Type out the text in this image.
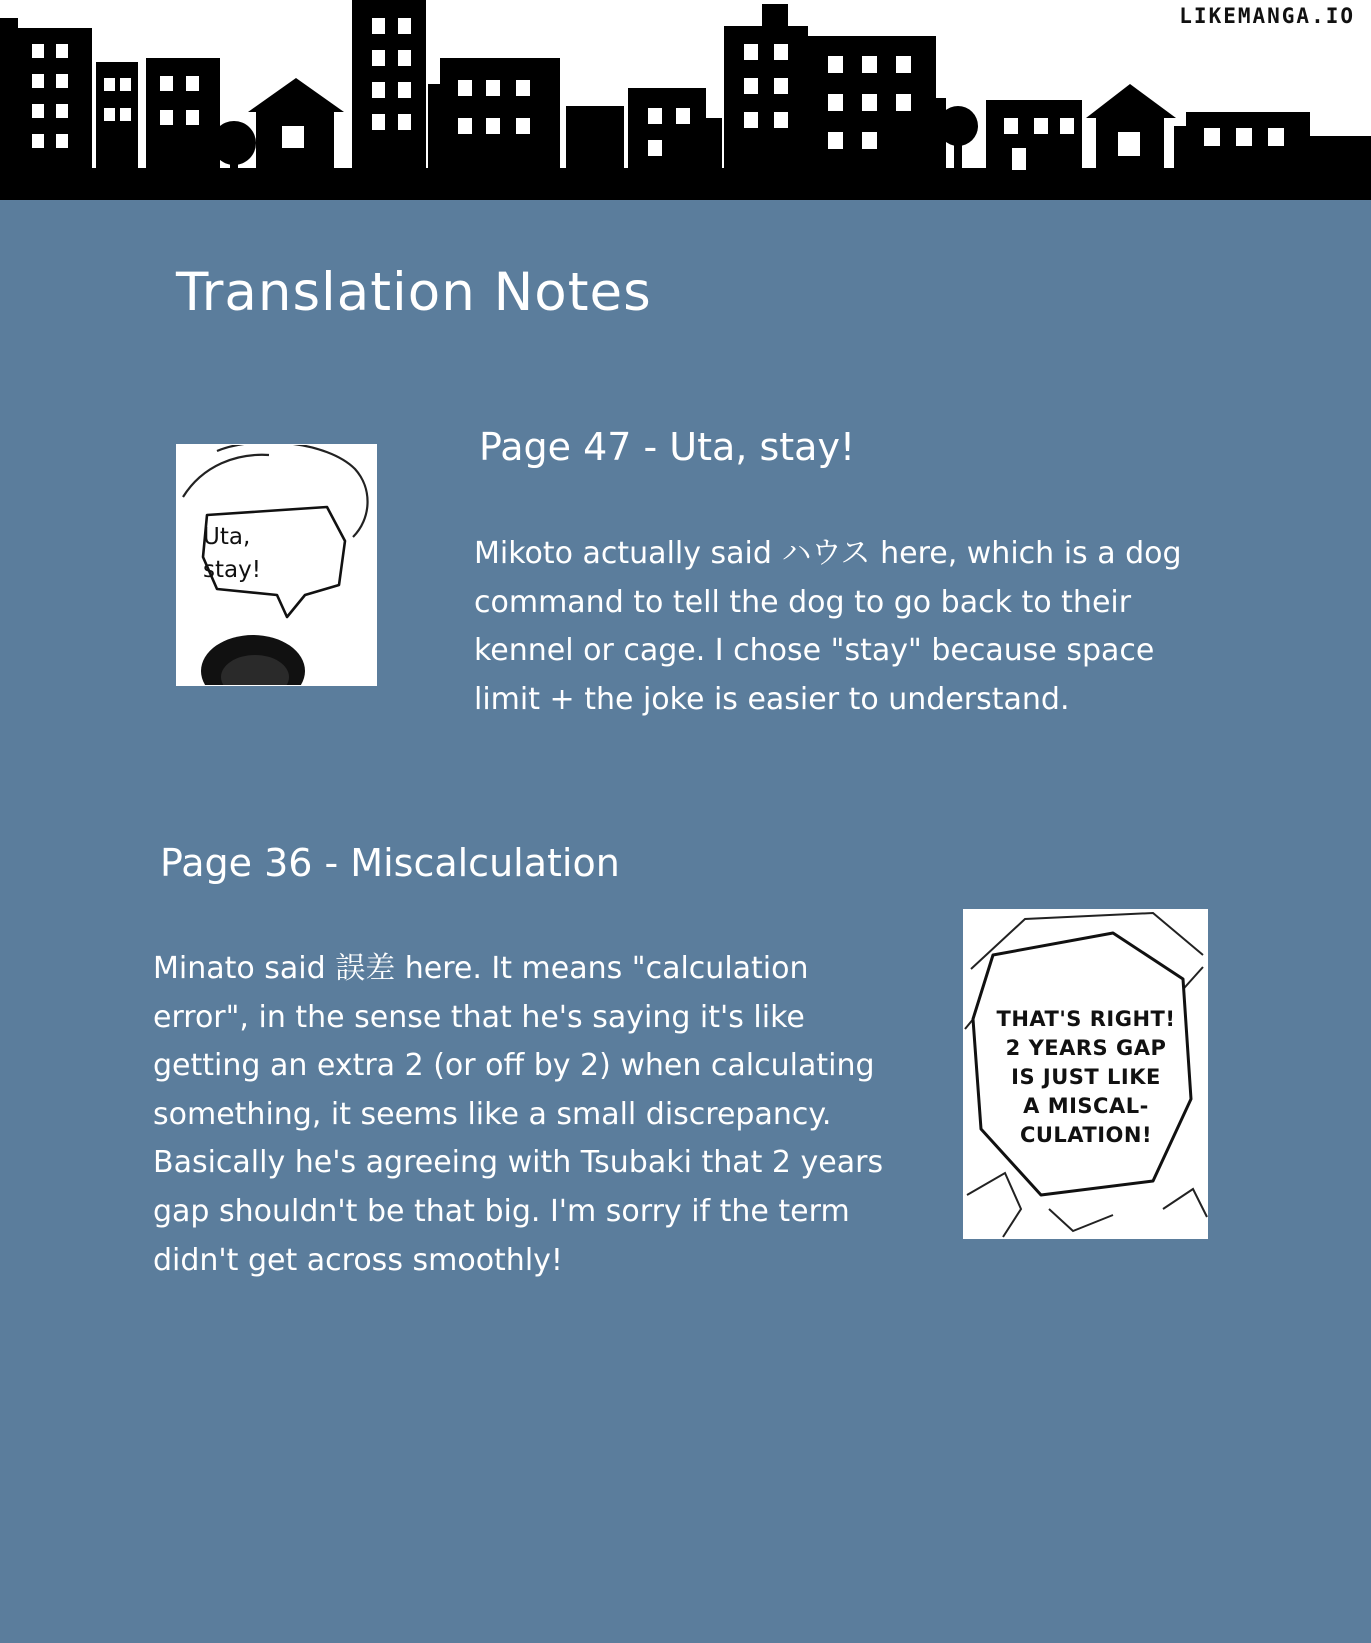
LIKEMANGA.IO
Translation Notes
Uta,
stay!
Page 47 - Uta, stay!
Mikoto actually said ハウス here, which is a dog command to tell the dog to go back to their kennel or cage. I chose "stay" because space limit + the joke is easier to understand.
Page 36 - Miscalculation
Minato said 誤差 here. It means "calculation error", in the sense that he's saying it's like getting an extra 2 (or off by 2) when calculating something, it seems like a small discrepancy. Basically he's agreeing with Tsubaki that 2 years gap shouldn't be that big. I'm sorry if the term didn't get across smoothly!
THAT'S RIGHT!
2 YEARS GAP
IS JUST LIKE
A MISCAL-
CULATION!
